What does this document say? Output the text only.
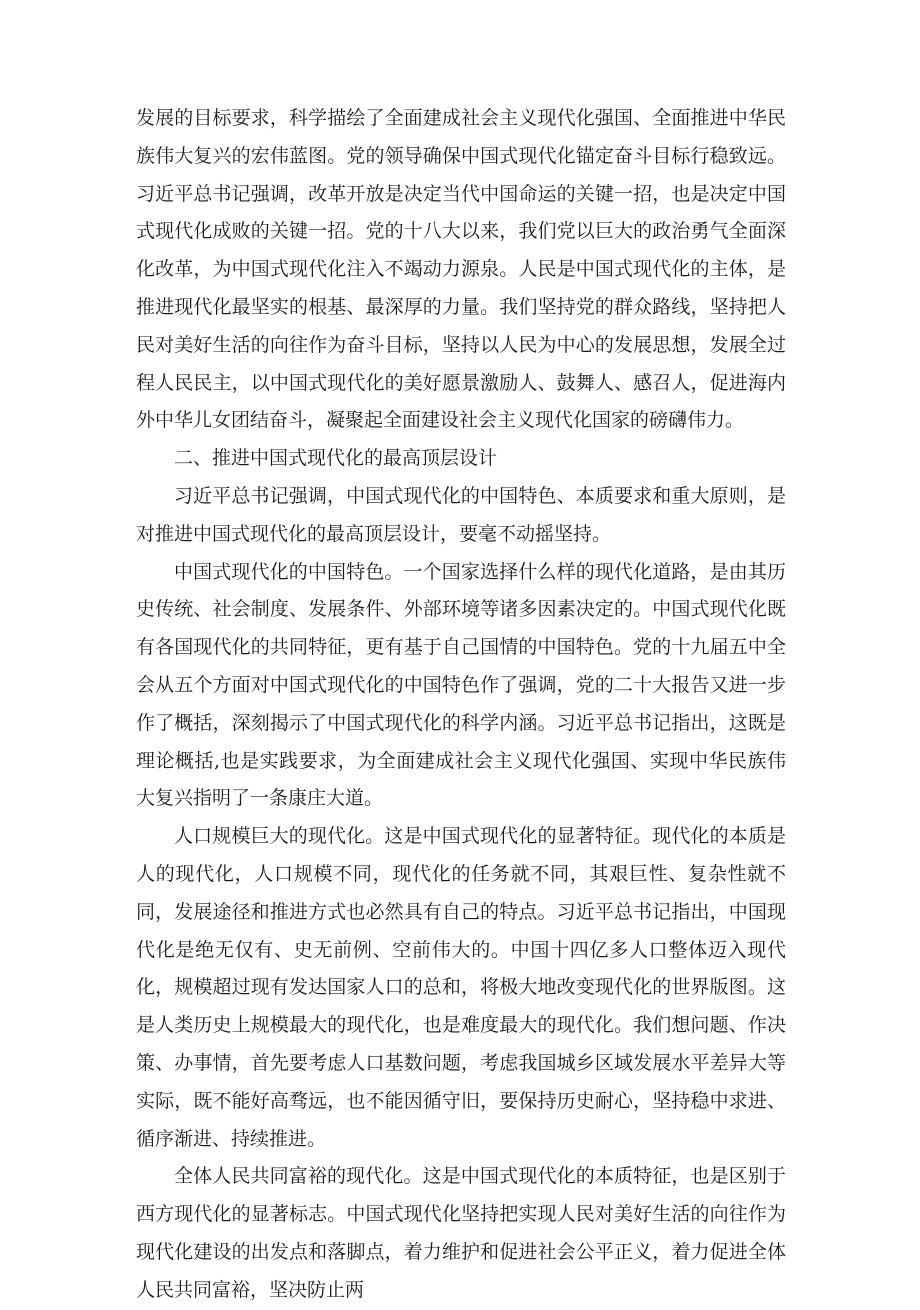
发展的目标要求，科学描绘了全面建成社会主义现代化强国、全面推进中华民族伟大复兴的宏伟蓝图。党的领导确保中国式现代化锚定奋斗目标行稳致远。习近平总书记强调，改革开放是决定当代中国命运的关键一招，也是决定中国式现代化成败的关键一招。党的十八大以来，我们党以巨大的政治勇气全面深化改革，为中国式现代化注入不竭动力源泉。人民是中国式现代化的主体，是推进现代化最坚实的根基、最深厚的力量。我们坚持党的群众路线，坚持把人民对美好生活的向往作为奋斗目标，坚持以人民为中心的发展思想，发展全过程人民民主，以中国式现代化的美好愿景激励人、鼓舞人、感召人，促进海内外中华儿女团结奋斗，凝聚起全面建设社会主义现代化国家的磅礴伟力。

二、推进中国式现代化的最高顶层设计

习近平总书记强调，中国式现代化的中国特色、本质要求和重大原则，是对推进中国式现代化的最高顶层设计，要毫不动摇坚持。

中国式现代化的中国特色。一个国家选择什么样的现代化道路，是由其历史传统、社会制度、发展条件、外部环境等诸多因素决定的。中国式现代化既有各国现代化的共同特征，更有基于自己国情的中国特色。党的十九届五中全会从五个方面对中国式现代化的中国特色作了强调，党的二十大报告又进一步作了概括，深刻揭示了中国式现代化的科学内涵。习近平总书记指出，这既是理论概括,也是实践要求，为全面建成社会主义现代化强国、实现中华民族伟大复兴指明了一条康庄大道。

人口规模巨大的现代化。这是中国式现代化的显著特征。现代化的本质是人的现代化，人口规模不同，现代化的任务就不同，其艰巨性、复杂性就不同，发展途径和推进方式也必然具有自己的特点。习近平总书记指出，中国现代化是绝无仅有、史无前例、空前伟大的。中国十四亿多人口整体迈入现代化，规模超过现有发达国家人口的总和，将极大地改变现代化的世界版图。这是人类历史上规模最大的现代化，也是难度最大的现代化。我们想问题、作决策、办事情，首先要考虑人口基数问题，考虑我国城乡区域发展水平差异大等实际，既不能好高骛远，也不能因循守旧，要保持历史耐心，坚持稳中求进、循序渐进、持续推进。

全体人民共同富裕的现代化。这是中国式现代化的本质特征，也是区别于西方现代化的显著标志。中国式现代化坚持把实现人民对美好生活的向往作为现代化建设的出发点和落脚点，着力维护和促进社会公平正义，着力促进全体人民共同富裕，坚决防止两
